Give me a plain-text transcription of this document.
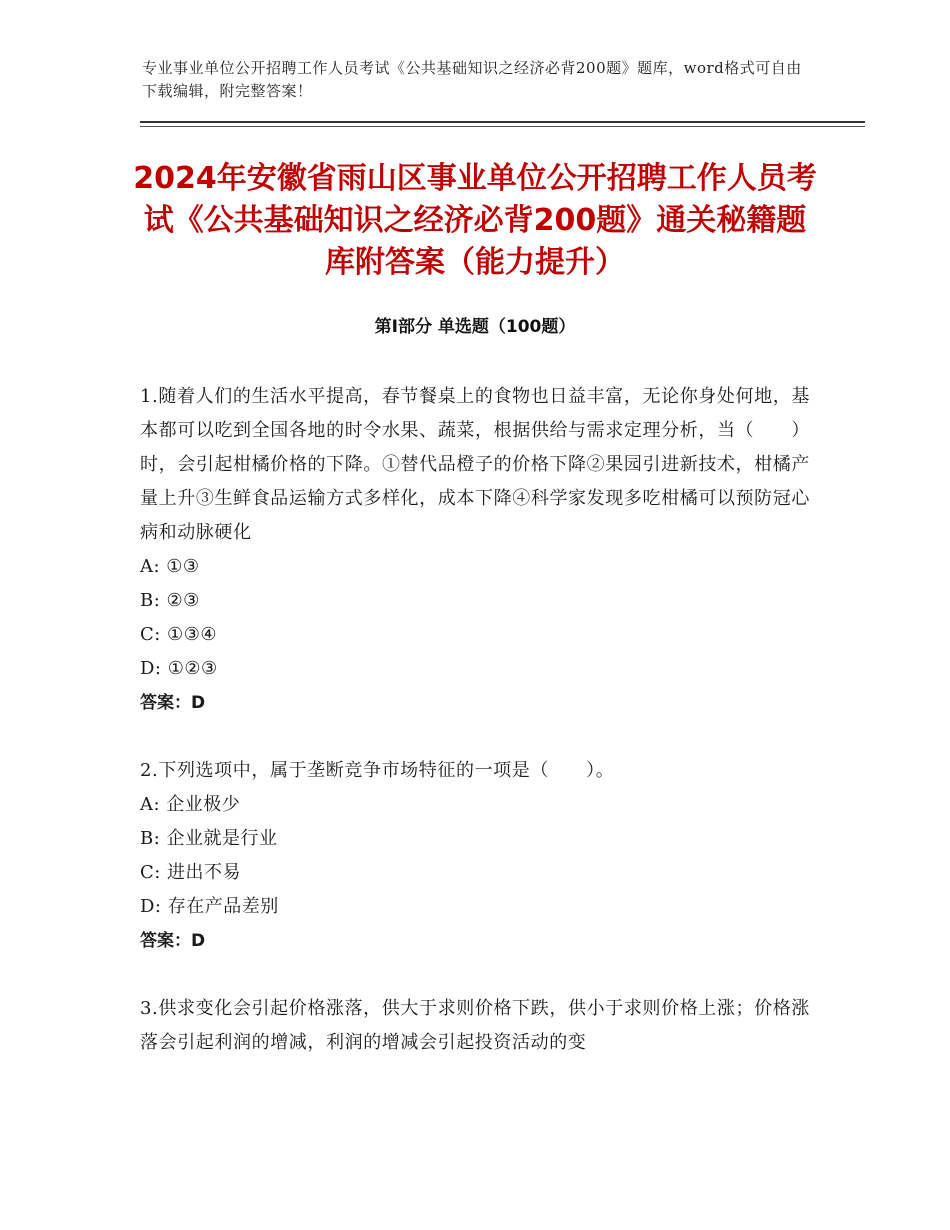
专业事业单位公开招聘工作人员考试《公共基础知识之经济必背200题》题库，word格式可自由下载编辑，附完整答案！
2024年安徽省雨山区事业单位公开招聘工作人员考试《公共基础知识之经济必背200题》通关秘籍题库附答案（能力提升）
第I部分 单选题（100题）

1.随着人们的生活水平提高，春节餐桌上的食物也日益丰富，无论你身处何地，基本都可以吃到全国各地的时令水果、蔬菜，根据供给与需求定理分析，当（　　）时，会引起柑橘价格的下降。①替代品橙子的价格下降②果园引进新技术，柑橘产量上升③生鲜食品运输方式多样化，成本下降④科学家发现多吃柑橘可以预防冠心病和动脉硬化

A: ①③

B: ②③

C: ①③④

D: ①②③

答案：D

2.下列选项中，属于垄断竞争市场特征的一项是（　　）。

A: 企业极少

B: 企业就是行业

C: 进出不易

D: 存在产品差别

答案：D

3.供求变化会引起价格涨落，供大于求则价格下跌，供小于求则价格上涨；价格涨落会引起利润的增减，利润的增减会引起投资活动的变
